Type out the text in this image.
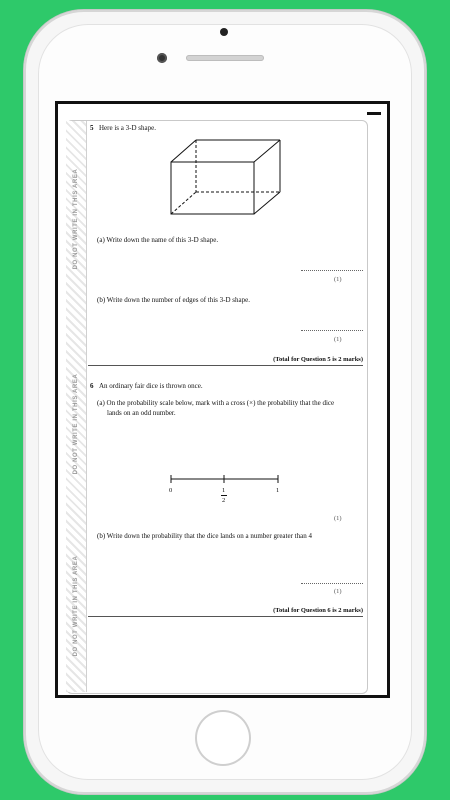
DO NOT WRITE IN THIS AREA
DO NOT WRITE IN THIS AREA
DO NOT WRITE IN THIS AREA
5 Here is a 3-D shape.
(a) Write down the name of this 3-D shape.
(1)
(b) Write down the number of edges of this 3-D shape.
(1)
(Total for Question 5 is 2 marks)
6 An ordinary fair dice is thrown once.
(a) On the probability scale below, mark with a cross (×) the probability that the dice
lands on an odd number.
0	1
2
1
(1)
(b) Write down the probability that the dice lands on a number greater than 4
(1)
(Total for Question 6 is 2 marks)
